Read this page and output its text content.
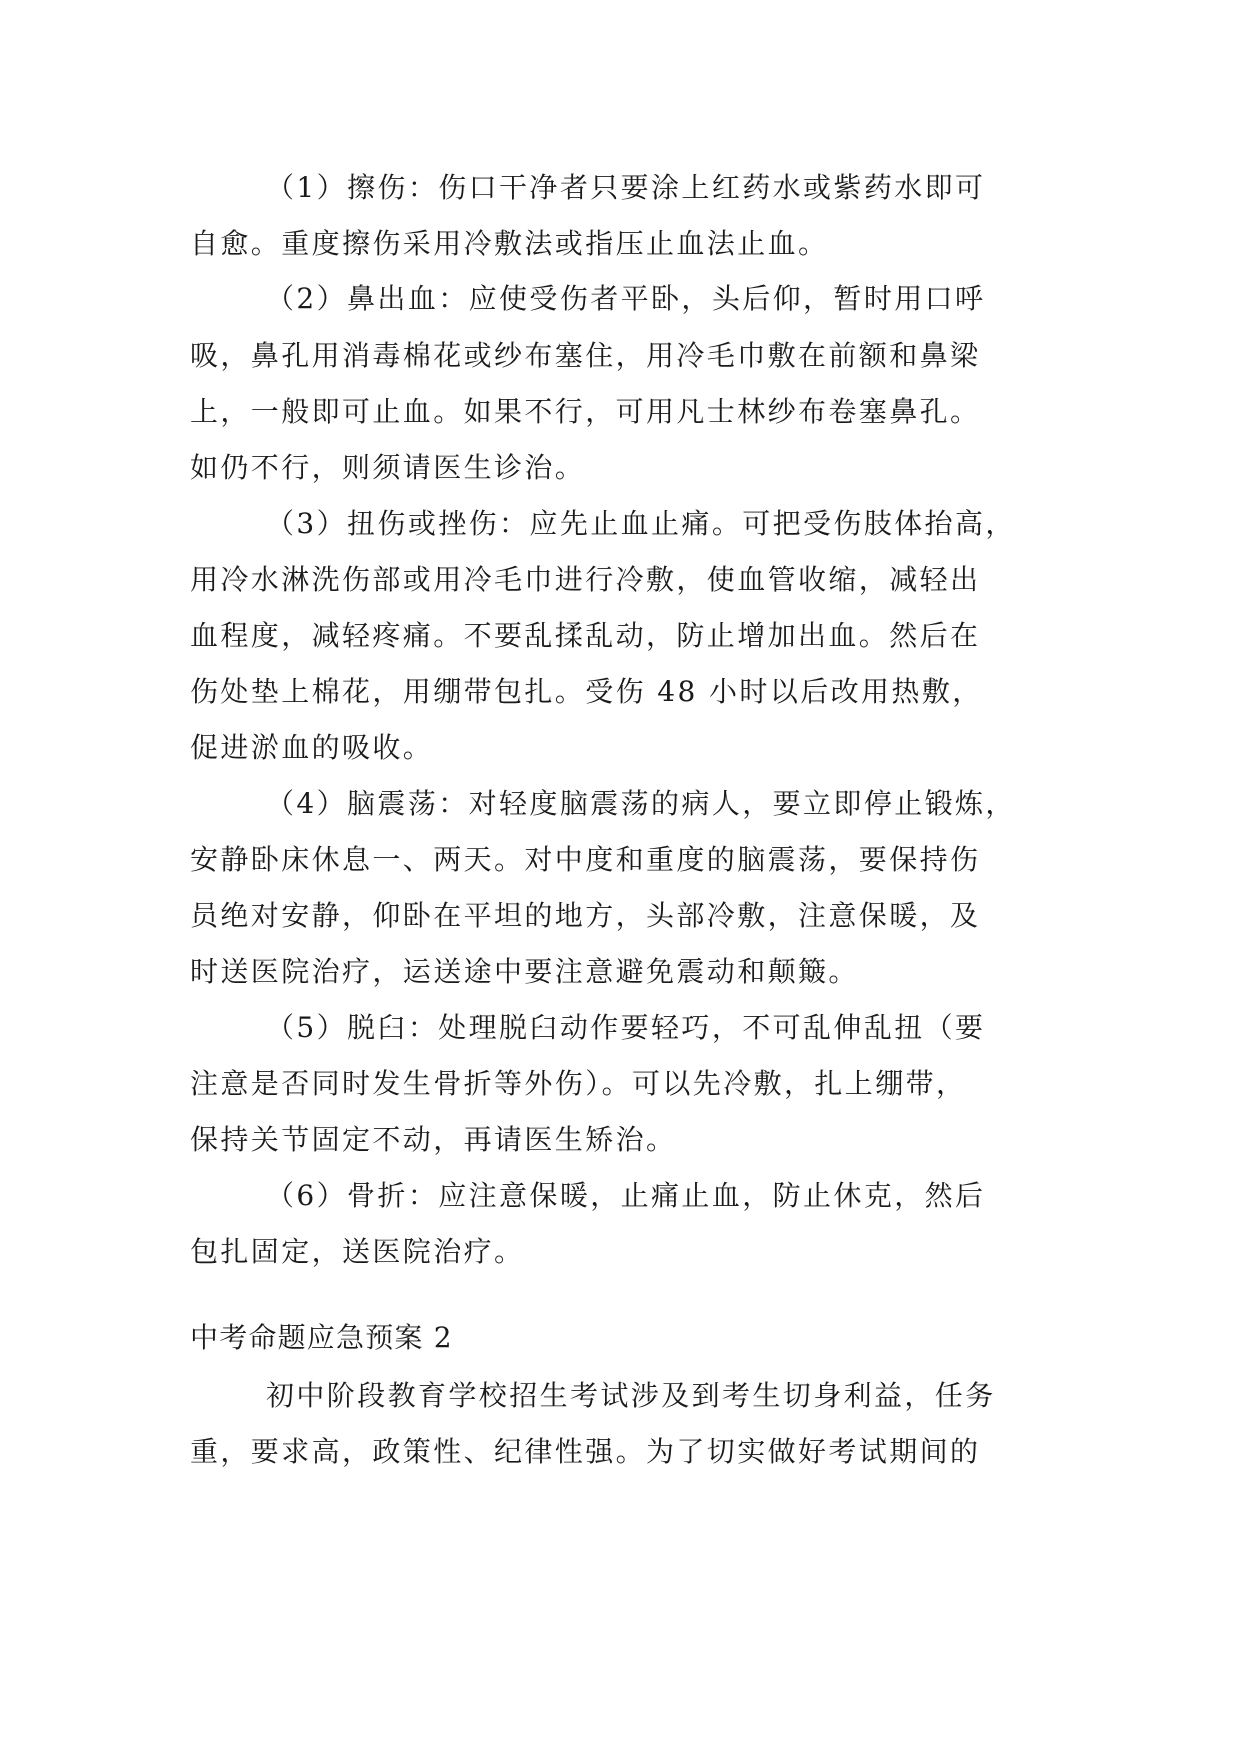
（1）擦伤：伤口干净者只要涂上红药水或紫药水即可

自愈。重度擦伤采用冷敷法或指压止血法止血。

（2）鼻出血：应使受伤者平卧，头后仰，暂时用口呼

吸，鼻孔用消毒棉花或纱布塞住，用冷毛巾敷在前额和鼻梁

上，一般即可止血。如果不行，可用凡士林纱布卷塞鼻孔。

如仍不行，则须请医生诊治。

（3）扭伤或挫伤：应先止血止痛。可把受伤肢体抬高，

用冷水淋洗伤部或用冷毛巾进行冷敷，使血管收缩，减轻出

血程度，减轻疼痛。不要乱揉乱动，防止增加出血。然后在

伤处垫上棉花，用绷带包扎。受伤 48 小时以后改用热敷，

促进淤血的吸收。

（4）脑震荡：对轻度脑震荡的病人，要立即停止锻炼，

安静卧床休息一、两天。对中度和重度的脑震荡，要保持伤

员绝对安静，仰卧在平坦的地方，头部冷敷，注意保暖，及

时送医院治疗，运送途中要注意避免震动和颠簸。

（5）脱臼：处理脱臼动作要轻巧，不可乱伸乱扭（要

注意是否同时发生骨折等外伤）。可以先冷敷，扎上绷带，

保持关节固定不动，再请医生矫治。

（6）骨折：应注意保暖，止痛止血，防止休克，然后

包扎固定，送医院治疗。

中考命题应急预案 2

初中阶段教育学校招生考试涉及到考生切身利益，任务

重，要求高，政策性、纪律性强。为了切实做好考试期间的
